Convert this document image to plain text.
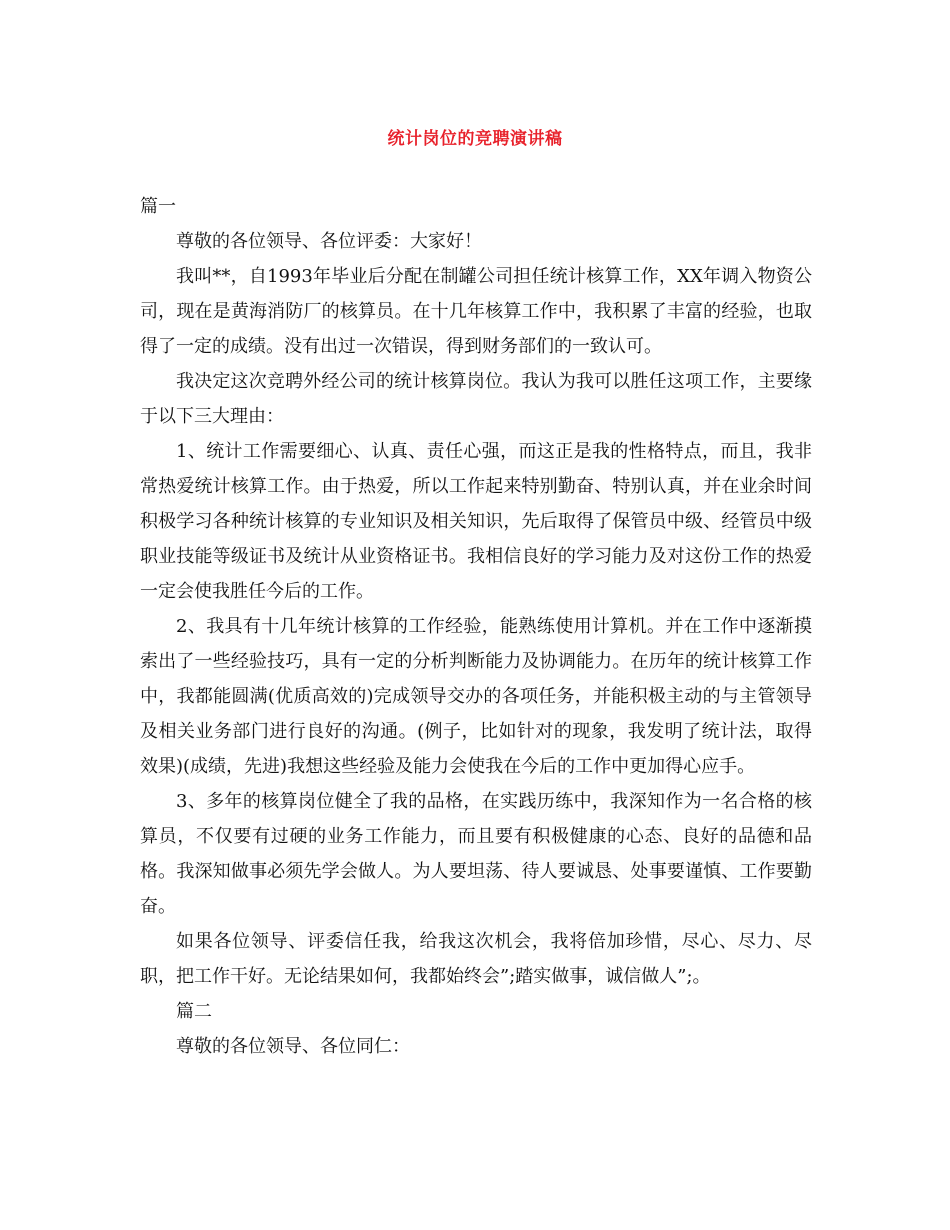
统计岗位的竞聘演讲稿

篇一

尊敬的各位领导、各位评委：大家好！

我叫**，自1993年毕业后分配在制罐公司担任统计核算工作，XX年调入物资公司，现在是黄海消防厂的核算员。在十几年核算工作中，我积累了丰富的经验，也取得了一定的成绩。没有出过一次错误，得到财务部们的一致认可。

我决定这次竞聘外经公司的统计核算岗位。我认为我可以胜任这项工作，主要缘于以下三大理由：

1、统计工作需要细心、认真、责任心强，而这正是我的性格特点，而且，我非常热爱统计核算工作。由于热爱，所以工作起来特别勤奋、特别认真，并在业余时间积极学习各种统计核算的专业知识及相关知识，先后取得了保管员中级、经管员中级职业技能等级证书及统计从业资格证书。我相信良好的学习能力及对这份工作的热爱一定会使我胜任今后的工作。

2、我具有十几年统计核算的工作经验，能熟练使用计算机。并在工作中逐渐摸索出了一些经验技巧，具有一定的分析判断能力及协调能力。在历年的统计核算工作中，我都能圆满(优质高效的)完成领导交办的各项任务，并能积极主动的与主管领导及相关业务部门进行良好的沟通。(例子，比如针对的现象，我发明了统计法，取得效果)(成绩，先进)我想这些经验及能力会使我在今后的工作中更加得心应手。

3、多年的核算岗位健全了我的品格，在实践历练中，我深知作为一名合格的核算员，不仅要有过硬的业务工作能力，而且要有积极健康的心态、良好的品德和品格。我深知做事必须先学会做人。为人要坦荡、待人要诚恳、处事要谨慎、工作要勤奋。

如果各位领导、评委信任我，给我这次机会，我将倍加珍惜，尽心、尽力、尽职，把工作干好。无论结果如何，我都始终会”;踏实做事，诚信做人”;。

篇二

尊敬的各位领导、各位同仁：
